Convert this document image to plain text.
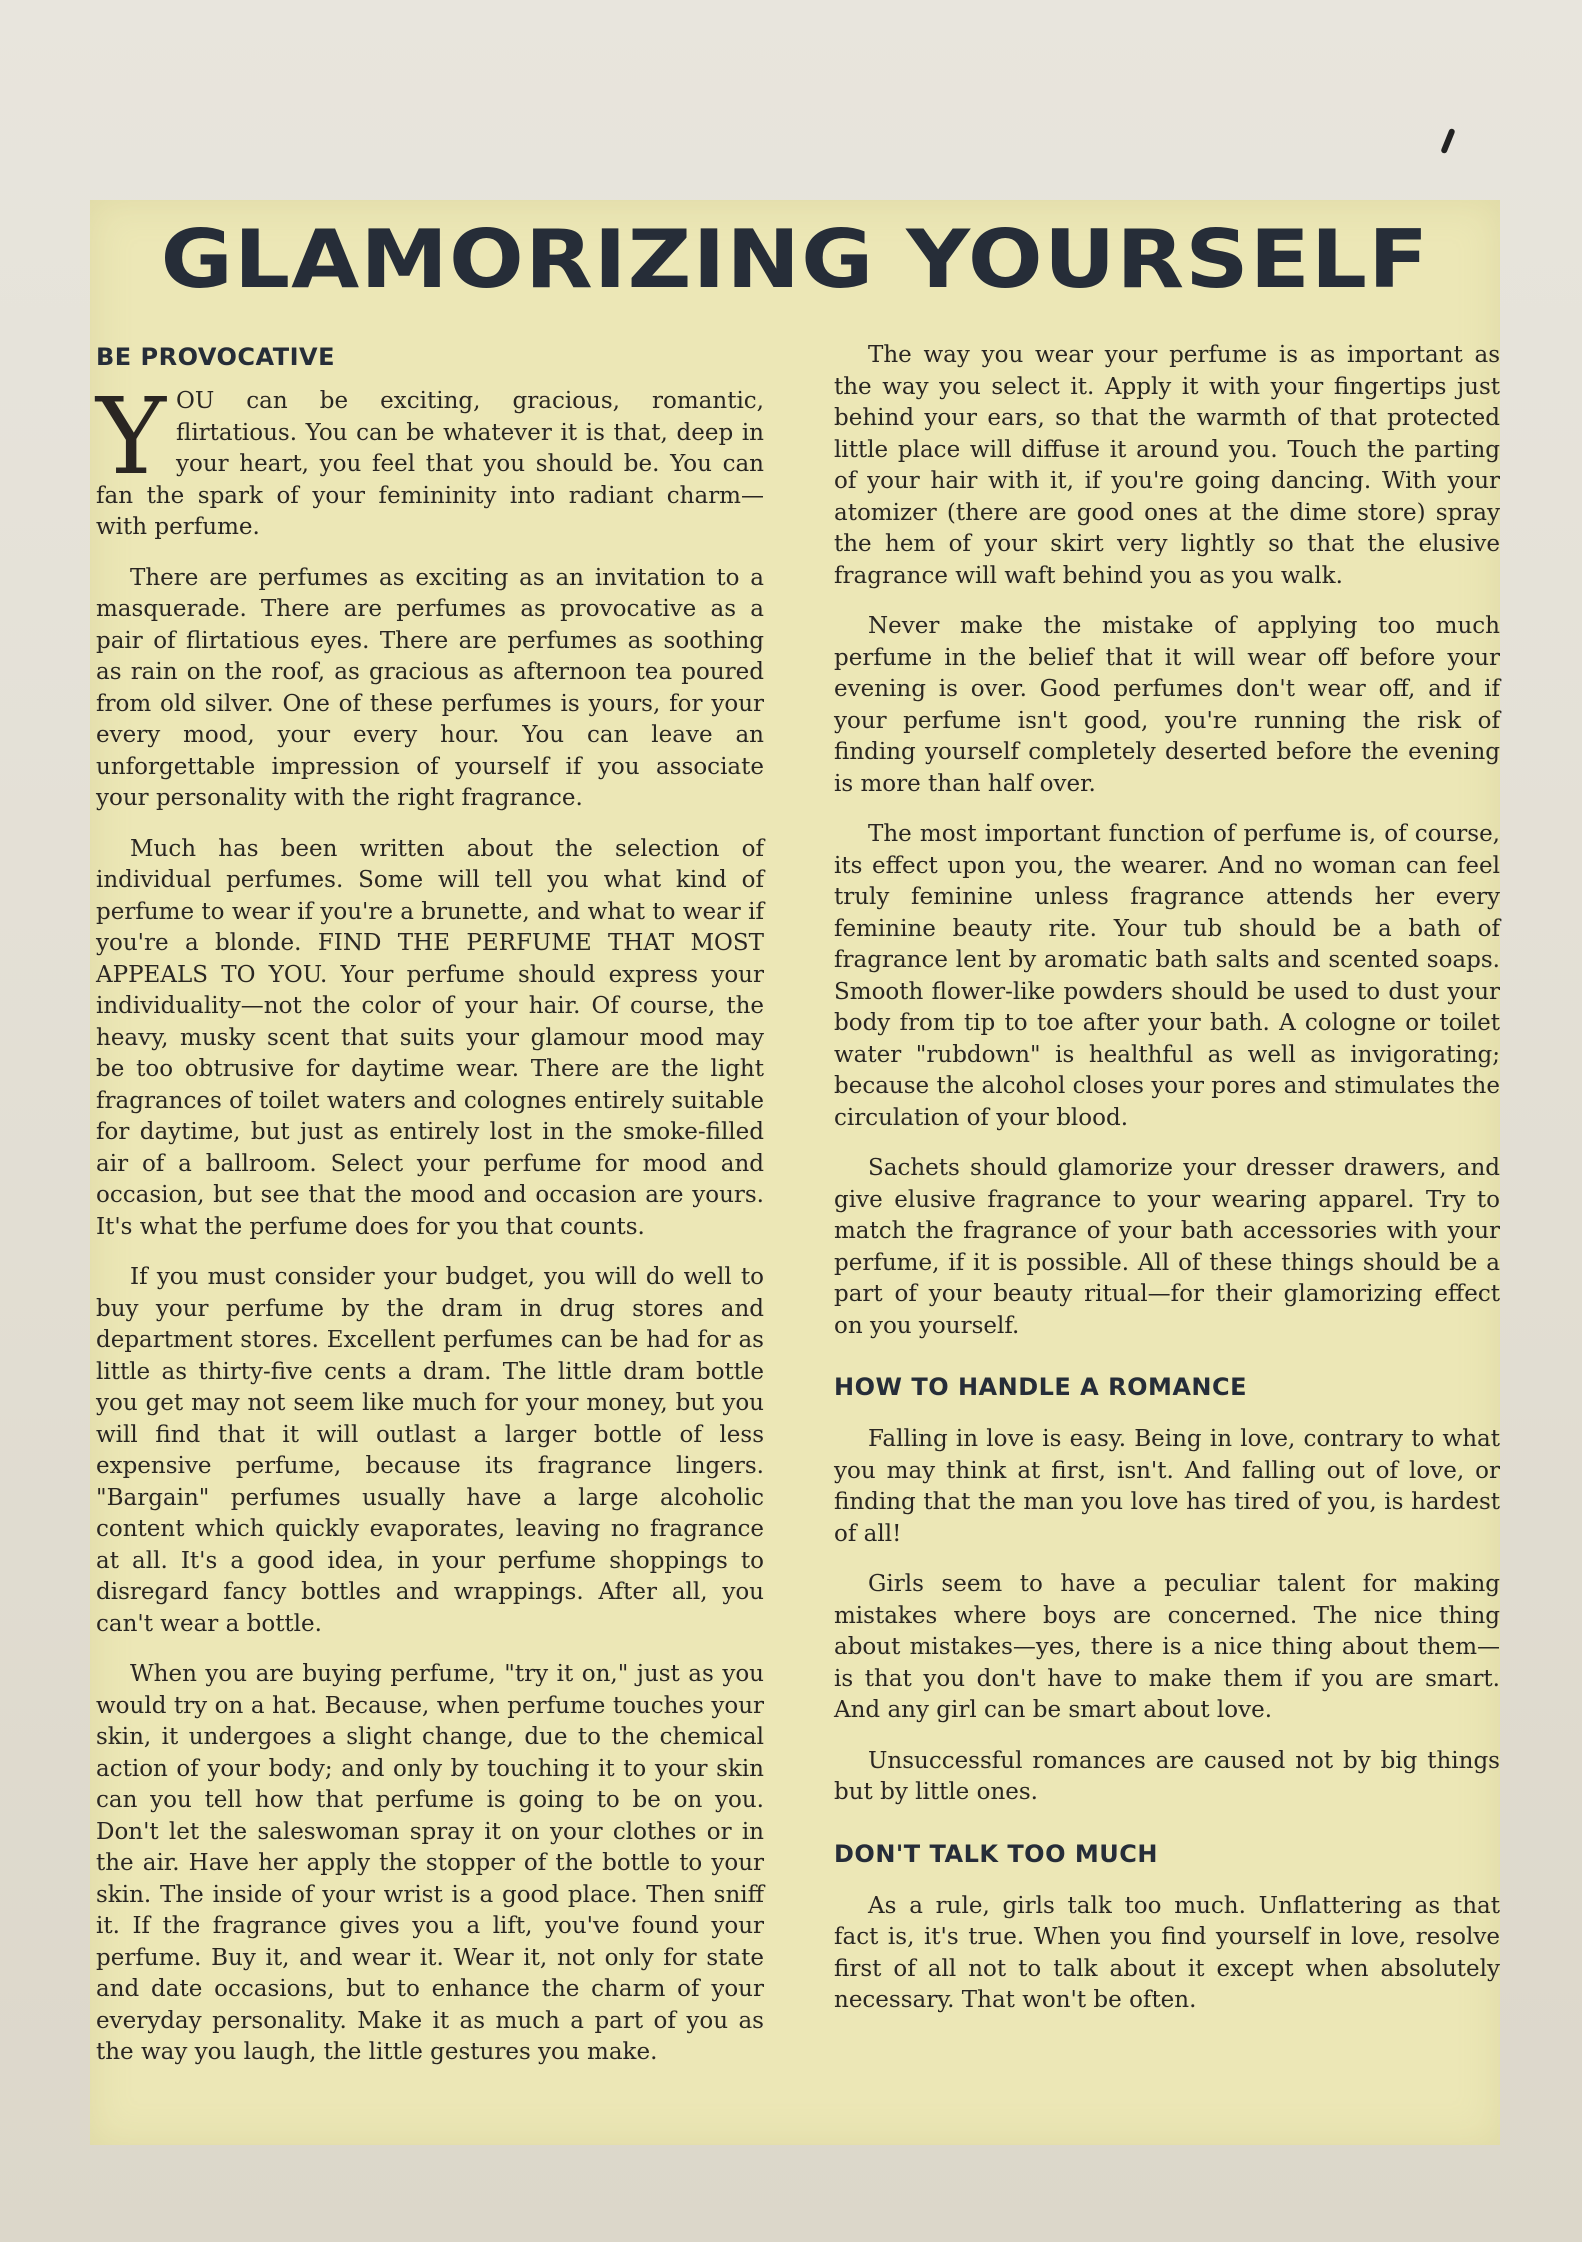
GLAMORIZING YOURSELF
BE PROVOCATIVE

YOU can be exciting, gracious, romantic, flirtatious. You can be whatever it is that, deep in your heart, you feel that you should be. You can fan the spark of your femininity into radiant charm—with perfume.

There are perfumes as exciting as an invitation to a masquerade. There are perfumes as provocative as a pair of flirtatious eyes. There are perfumes as soothing as rain on the roof, as gracious as afternoon tea poured from old silver. One of these perfumes is yours, for your every mood, your every hour. You can leave an unforgettable impression of yourself if you associate your personality with the right fragrance.

Much has been written about the selection of individual perfumes. Some will tell you what kind of perfume to wear if you're a brunette, and what to wear if you're a blonde. FIND THE PERFUME THAT MOST APPEALS TO YOU. Your perfume should express your individuality—not the color of your hair. Of course, the heavy, musky scent that suits your glamour mood may be too obtrusive for daytime wear. There are the light fragrances of toilet waters and colognes entirely suitable for daytime, but just as entirely lost in the smoke-filled air of a ballroom. Select your perfume for mood and occasion, but see that the mood and occasion are yours. It's what the perfume does for you that counts.

If you must consider your budget, you will do well to buy your perfume by the dram in drug stores and department stores. Excellent perfumes can be had for as little as thirty-five cents a dram. The little dram bottle you get may not seem like much for your money, but you will find that it will outlast a larger bottle of less expensive perfume, because its fragrance lingers. "Bargain" perfumes usually have a large alcoholic content which quickly evaporates, leaving no fragrance at all. It's a good idea, in your perfume shoppings to disregard fancy bottles and wrappings. After all, you can't wear a bottle.

When you are buying perfume, "try it on," just as you would try on a hat. Because, when perfume touches your skin, it undergoes a slight change, due to the chemical action of your body; and only by touching it to your skin can you tell how that perfume is going to be on you. Don't let the saleswoman spray it on your clothes or in the air. Have her apply the stopper of the bottle to your skin. The inside of your wrist is a good place. Then sniff it. If the fragrance gives you a lift, you've found your perfume. Buy it, and wear it. Wear it, not only for state and date occasions, but to enhance the charm of your everyday personality. Make it as much a part of you as the way you laugh, the little gestures you make.

The way you wear your perfume is as important as the way you select it. Apply it with your fingertips just behind your ears, so that the warmth of that protected little place will diffuse it around you. Touch the parting of your hair with it, if you're going dancing. With your atomizer (there are good ones at the dime store) spray the hem of your skirt very lightly so that the elusive fragrance will waft behind you as you walk.

Never make the mistake of applying too much perfume in the belief that it will wear off before your evening is over. Good perfumes don't wear off, and if your perfume isn't good, you're running the risk of finding yourself completely deserted before the evening is more than half over.

The most important function of perfume is, of course, its effect upon you, the wearer. And no woman can feel truly feminine unless fragrance attends her every feminine beauty rite. Your tub should be a bath of fragrance lent by aromatic bath salts and scented soaps. Smooth flower-like powders should be used to dust your body from tip to toe after your bath. A cologne or toilet water "rubdown" is healthful as well as invigorating; because the alcohol closes your pores and stimulates the circulation of your blood.

Sachets should glamorize your dresser drawers, and give elusive fragrance to your wearing apparel. Try to match the fragrance of your bath accessories with your perfume, if it is possible. All of these things should be a part of your beauty ritual—for their glamorizing effect on you yourself.

HOW TO HANDLE A ROMANCE

Falling in love is easy. Being in love, contrary to what you may think at first, isn't. And falling out of love, or finding that the man you love has tired of you, is hardest of all!

Girls seem to have a peculiar talent for making mistakes where boys are concerned. The nice thing about mistakes—yes, there is a nice thing about them—is that you don't have to make them if you are smart. And any girl can be smart about love.

Unsuccessful romances are caused not by big things but by little ones.

DON'T TALK TOO MUCH

As a rule, girls talk too much. Unflattering as that fact is, it's true. When you find yourself in love, resolve first of all not to talk about it except when absolutely necessary. That won't be often.
